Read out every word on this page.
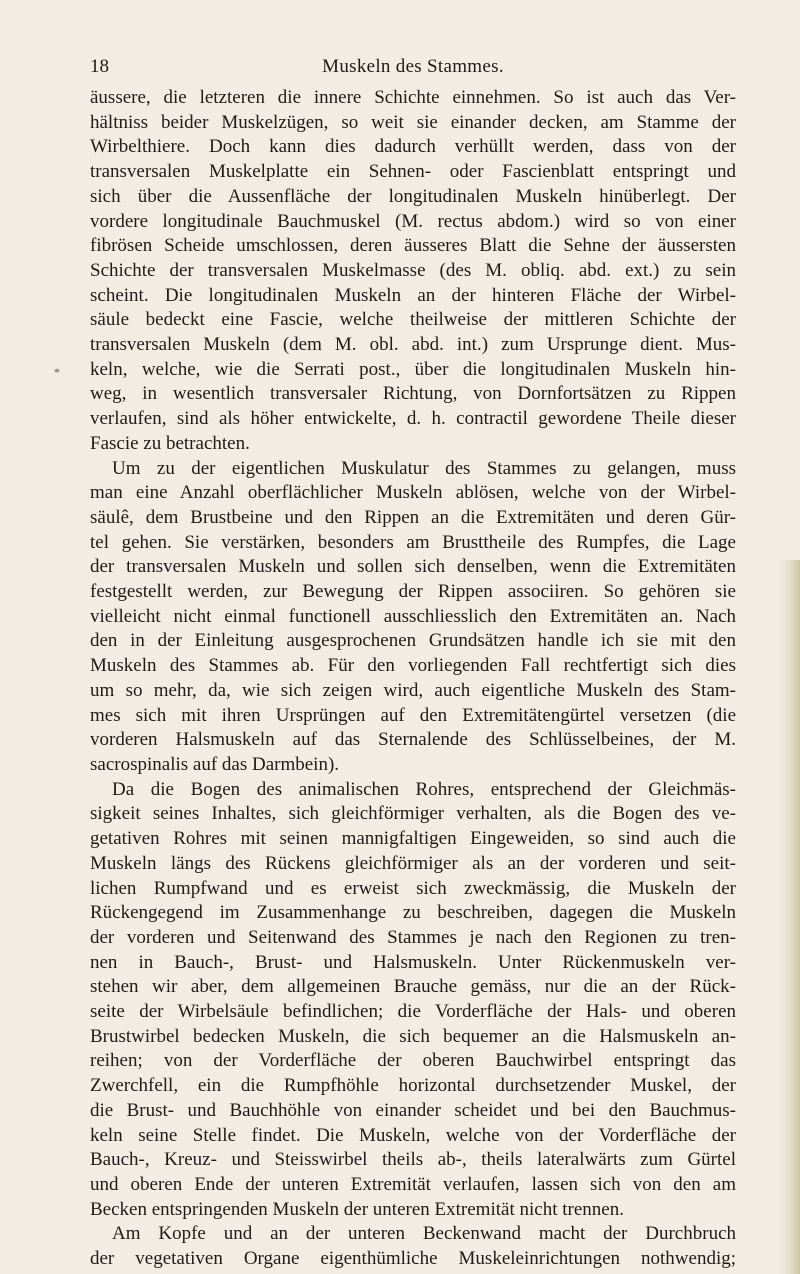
18	Muskeln des Stammes.
*

äussere, die letzteren die innere Schichte einnehmen. So ist auch das Ver-
hältniss beider Muskelzügen, so weit sie einander decken, am Stamme der
Wirbelthiere. Doch kann dies dadurch verhüllt werden, dass von der
transversalen Muskelplatte ein Sehnen- oder Fascienblatt entspringt und
sich über die Aussenfläche der longitudinalen Muskeln hinüberlegt. Der
vordere longitudinale Bauchmuskel (M. rectus abdom.) wird so von einer
fibrösen Scheide umschlossen, deren äusseres Blatt die Sehne der äussersten
Schichte der transversalen Muskelmasse (des M. obliq. abd. ext.) zu sein
scheint. Die longitudinalen Muskeln an der hinteren Fläche der Wirbel-
säule bedeckt eine Fascie, welche theilweise der mittleren Schichte der
transversalen Muskeln (dem M. obl. abd. int.) zum Ursprunge dient. Mus-
keln, welche, wie die Serrati post., über die longitudinalen Muskeln hin-
weg, in wesentlich transversaler Richtung, von Dornfortsätzen zu Rippen
verlaufen, sind als höher entwickelte, d. h. contractil gewordene Theile dieser
Fascie zu betrachten.

Um zu der eigentlichen Muskulatur des Stammes zu gelangen, muss
man eine Anzahl oberflächlicher Muskeln ablösen, welche von der Wirbel-
säulê, dem Brustbeine und den Rippen an die Extremitäten und deren Gür-
tel gehen. Sie verstärken, besonders am Brusttheile des Rumpfes, die Lage
der transversalen Muskeln und sollen sich denselben, wenn die Extremitäten
festgestellt werden, zur Bewegung der Rippen associiren. So gehören sie
vielleicht nicht einmal functionell ausschliesslich den Extremitäten an. Nach
den in der Einleitung ausgesprochenen Grundsätzen handle ich sie mit den
Muskeln des Stammes ab. Für den vorliegenden Fall rechtfertigt sich dies
um so mehr, da, wie sich zeigen wird, auch eigentliche Muskeln des Stam-
mes sich mit ihren Ursprüngen auf den Extremitätengürtel versetzen (die
vorderen Halsmuskeln auf das Sternalende des Schlüsselbeines, der M.
sacrospinalis auf das Darmbein).

Da die Bogen des animalischen Rohres, entsprechend der Gleichmäs-
sigkeit seines Inhaltes, sich gleichförmiger verhalten, als die Bogen des ve-
getativen Rohres mit seinen mannigfaltigen Eingeweiden, so sind auch die
Muskeln längs des Rückens gleichförmiger als an der vorderen und seit-
lichen Rumpfwand und es erweist sich zweckmässig, die Muskeln der
Rückengegend im Zusammenhange zu beschreiben, dagegen die Muskeln
der vorderen und Seitenwand des Stammes je nach den Regionen zu tren-
nen in Bauch-, Brust- und Halsmuskeln. Unter Rückenmuskeln ver-
stehen wir aber, dem allgemeinen Brauche gemäss, nur die an der Rück-
seite der Wirbelsäule befindlichen; die Vorderfläche der Hals- und oberen
Brustwirbel bedecken Muskeln, die sich bequemer an die Halsmuskeln an-
reihen; von der Vorderfläche der oberen Bauchwirbel entspringt das
Zwerchfell, ein die Rumpfhöhle horizontal durchsetzender Muskel, der
die Brust- und Bauchhöhle von einander scheidet und bei den Bauchmus-
keln seine Stelle findet. Die Muskeln, welche von der Vorderfläche der
Bauch-, Kreuz- und Steisswirbel theils ab-, theils lateralwärts zum Gürtel
und oberen Ende der unteren Extremität verlaufen, lassen sich von den am
Becken entspringenden Muskeln der unteren Extremität nicht trennen.

Am Kopfe und an der unteren Beckenwand macht der Durchbruch
der vegetativen Organe eigenthümliche Muskeleinrichtungen nothwendig;
